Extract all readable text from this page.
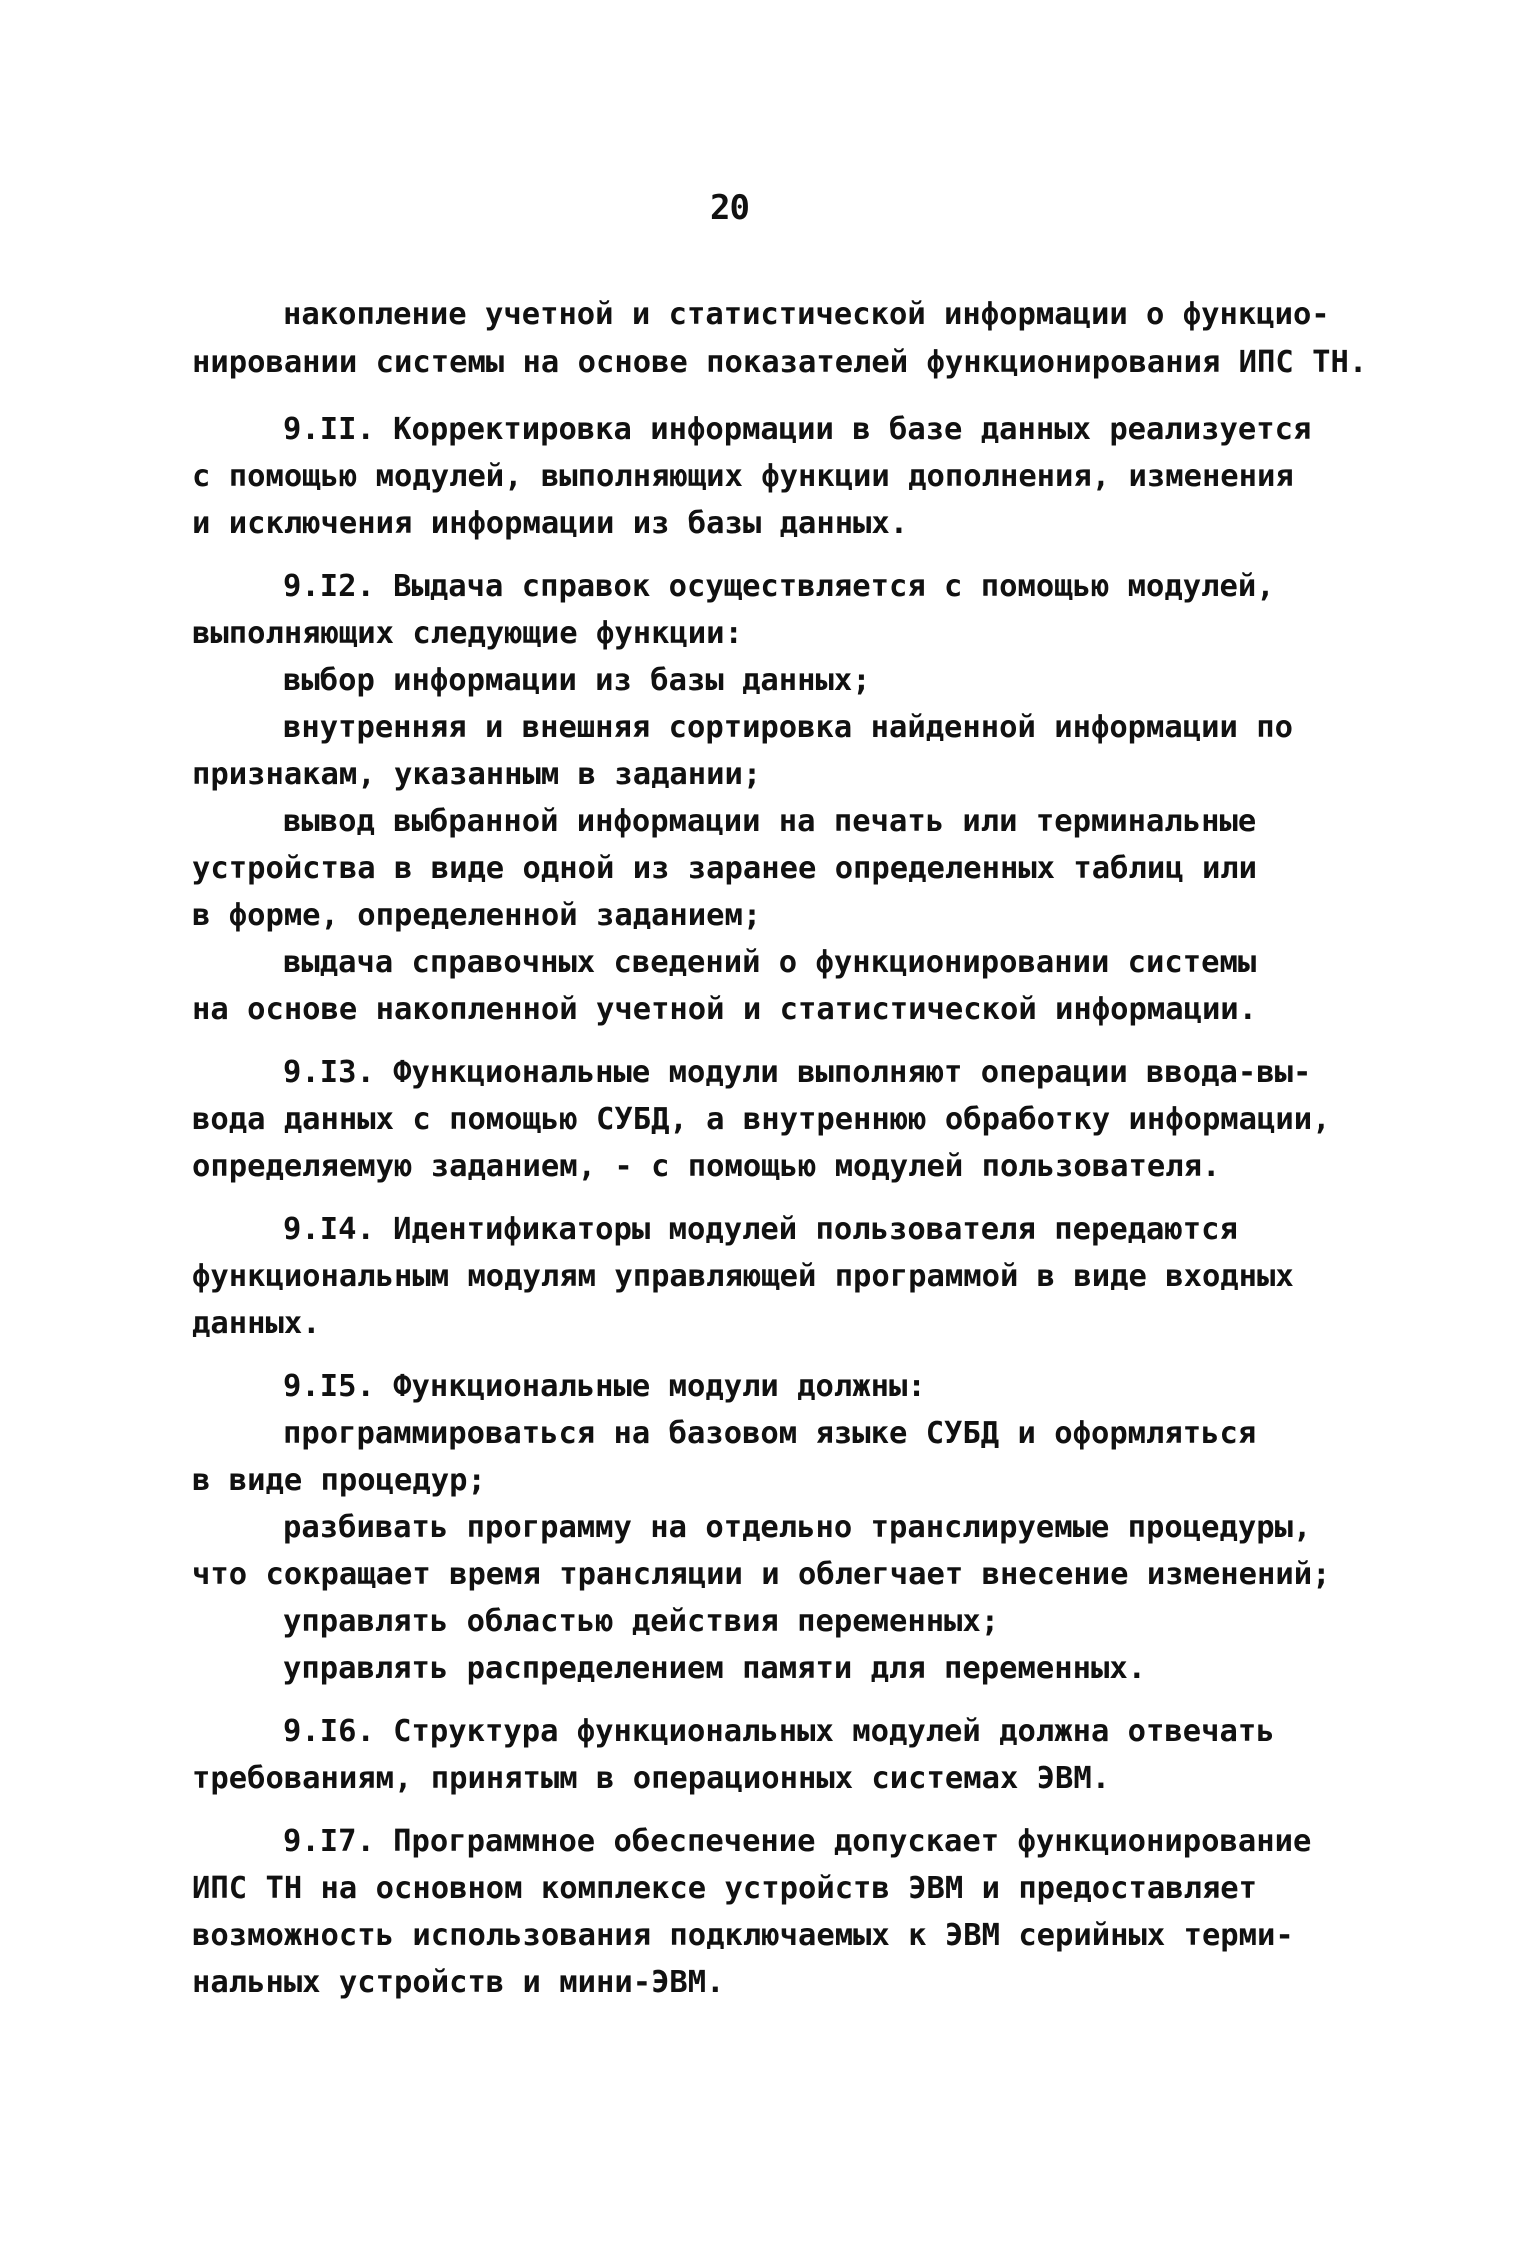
20
накопление учетной и статистической информации о функцио-
нировании системы на основе показателей функционирования ИПС ТН.
9.II. Корректировка информации в базе данных реализуется
с помощью модулей, выполняющих функции дополнения, изменения
и исключения информации из базы данных.
9.I2. Выдача справок осуществляется с помощью модулей,
выполняющих следующие функции:
выбор информации из базы данных;
внутренняя и внешняя сортировка найденной информации по
признакам, указанным в задании;
вывод выбранной информации на печать или терминальные
устройства в виде одной из заранее определенных таблиц или
в форме, определенной заданием;
выдача справочных сведений о функционировании системы
на основе накопленной учетной и статистической информации.
9.I3. Функциональные модули выполняют операции ввода-вы-
вода данных с помощью СУБД, а внутреннюю обработку информации,
определяемую заданием, - с помощью модулей пользователя.
9.I4. Идентификаторы модулей пользователя передаются
функциональным модулям управляющей программой в виде входных
данных.
9.I5. Функциональные модули должны:
программироваться на базовом языке СУБД и оформляться
в виде процедур;
разбивать программу на отдельно транслируемые процедуры,
что сокращает время трансляции и облегчает внесение изменений;
управлять областью действия переменных;
управлять распределением памяти для переменных.
9.I6. Структура функциональных модулей должна отвечать
требованиям, принятым в операционных системах ЭВМ.
9.I7. Программное обеспечение допускает функционирование
ИПС ТН на основном комплексе устройств ЭВМ и предоставляет
возможность использования подключаемых к ЭВМ серийных терми-
нальных устройств и мини-ЭВМ.
